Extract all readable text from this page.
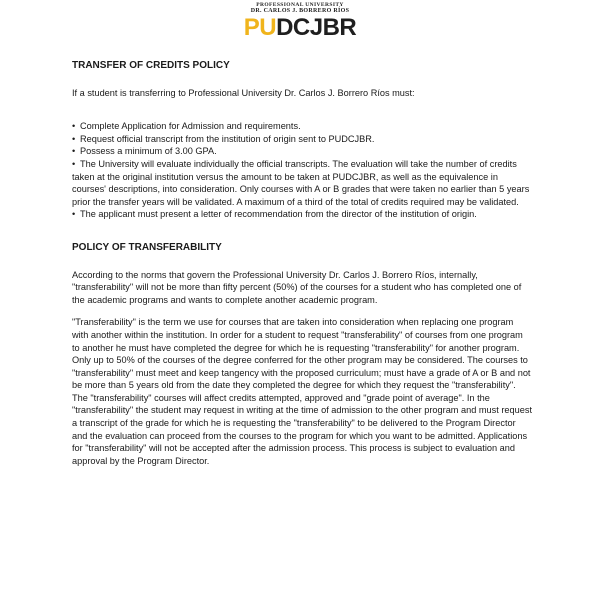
PROFESSIONAL UNIVERSITY
DR. CARLOS J. BORRERO RÍOS
PUDCJBR
TRANSFER OF CREDITS POLICY

If a student is transferring to Professional University Dr. Carlos J. Borrero Ríos must:

• Complete Application for Admission and requirements.
• Request official transcript from the institution of origin sent to PUDCJBR.
• Possess a minimum of 3.00 GPA.
• The University will evaluate individually the official transcripts. The evaluation will take the number of credits taken at the original institution versus the amount to be taken at PUDCJBR, as well as the equivalence in courses' descriptions, into consideration. Only courses with A or B grades that were taken no earlier than 5 years prior the transfer years will be validated. A maximum of a third of the total of credits required may be validated.
• The applicant must present a letter of recommendation from the director of the institution of origin.
POLICY OF TRANSFERABILITY

According to the norms that govern the Professional University Dr. Carlos J. Borrero Ríos, internally, "transferability" will not be more than fifty percent (50%) of the courses for a student who has completed one of the academic programs and wants to complete another academic program.

"Transferability" is the term we use for courses that are taken into consideration when replacing one program with another within the institution. In order for a student to request "transferability" of courses from one program to another he must have completed the degree for which he is requesting "transferability" for another program. Only up to 50% of the courses of the degree conferred for the other program may be considered. The courses to "transferability" must meet and keep tangency with the proposed curriculum; must have a grade of A or B and not be more than 5 years old from the date they completed the degree for which they request the "transferability". The "transferability" courses will affect credits attempted, approved and "grade point of average". In the "transferability" the student may request in writing at the time of admission to the other program and must request a transcript of the grade for which he is requesting the "transferability" to be delivered to the Program Director and the evaluation can proceed from the courses to the program for which you want to be admitted. Applications for "transferability" will not be accepted after the admission process. This process is subject to evaluation and approval by the Program Director.
